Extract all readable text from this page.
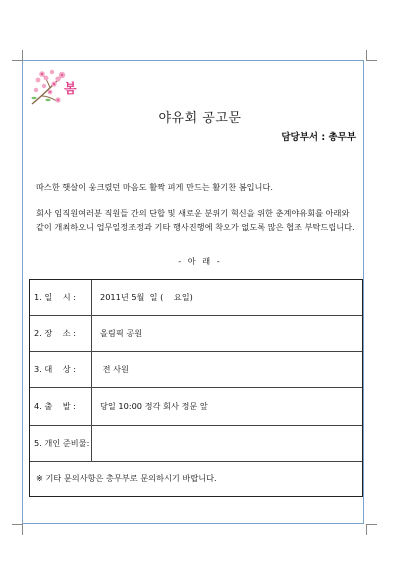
봄
야유회 공고문
담당부서 : 총무부
따스한 햇살이 웅크렸던 마음도 활짝 펴게 만드는 활기찬 봄입니다.
회사 임직원여러분 직원들 간의 단합 및 새로운 분위기 혁신을 위한 춘계야유회를 아래와 같이 개최하오니 업무일정조정과 기타 행사진행에 착오가 없도록 많은 협조 부탁드립니다.
- 아 래 -
1. 일    시 :	2011년 5월  일 (    요일)
2. 장    소 :	올림픽 공원
3. 대    상 :	전 사원
4. 출    발 :	당일 10:00 정각 회사 정문 앞
5. 개인 준비물:
※ 기타 문의사항은 총무부로 문의하시기 바랍니다.
